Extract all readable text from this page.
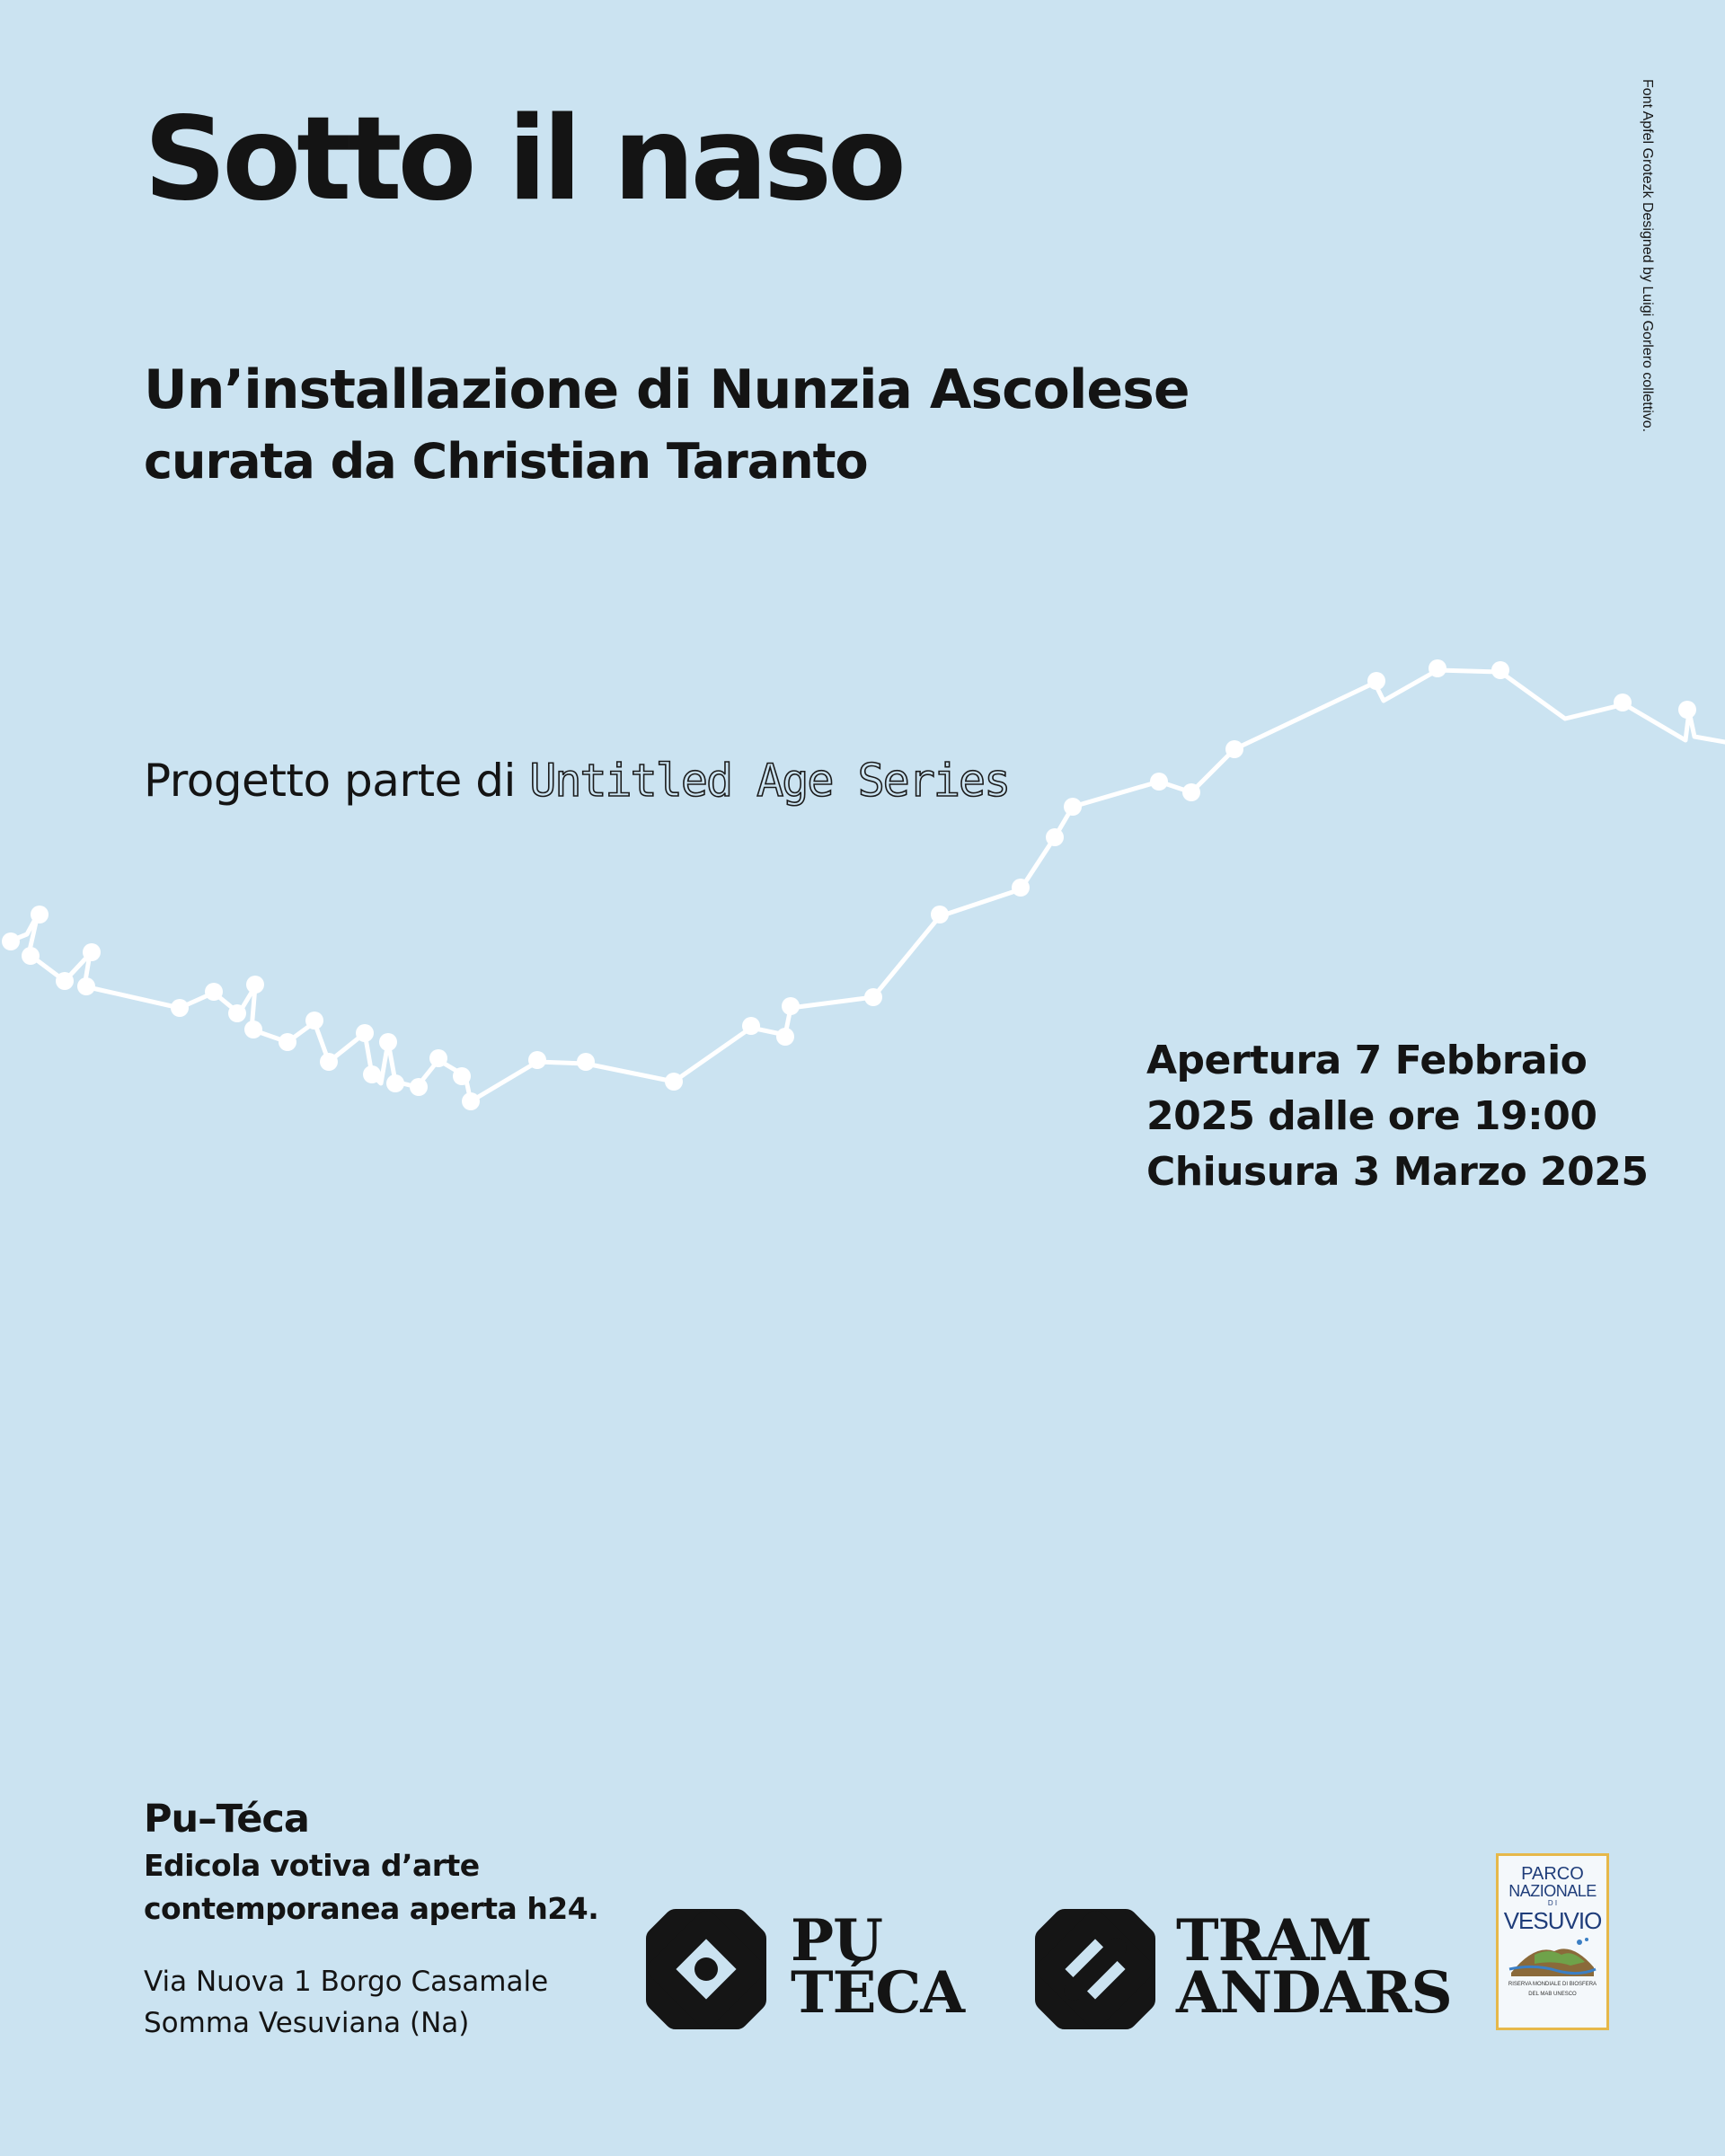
Sotto il naso
Un’installazione di Nunzia Ascolese
curata da Christian Taranto
Font Apfel Grotezk Designed by Luigi Gorlero collettivo.
Progetto parte di Untitled Age Series
Apertura 7 Febbraio
2025 dalle ore 19:00
Chiusura 3 Marzo 2025
Pu–Téca
Edicola votiva d’arte
contemporanea aperta h24.
Via Nuova 1 Borgo Casamale
Somma Vesuviana (Na)
PU
TÉCA
TRAM
ANDARS
PARCO
NAZIONALE
D I
VESUVIO
RISERVA MONDIALE DI BIOSFERA
DEL MAB UNESCO
